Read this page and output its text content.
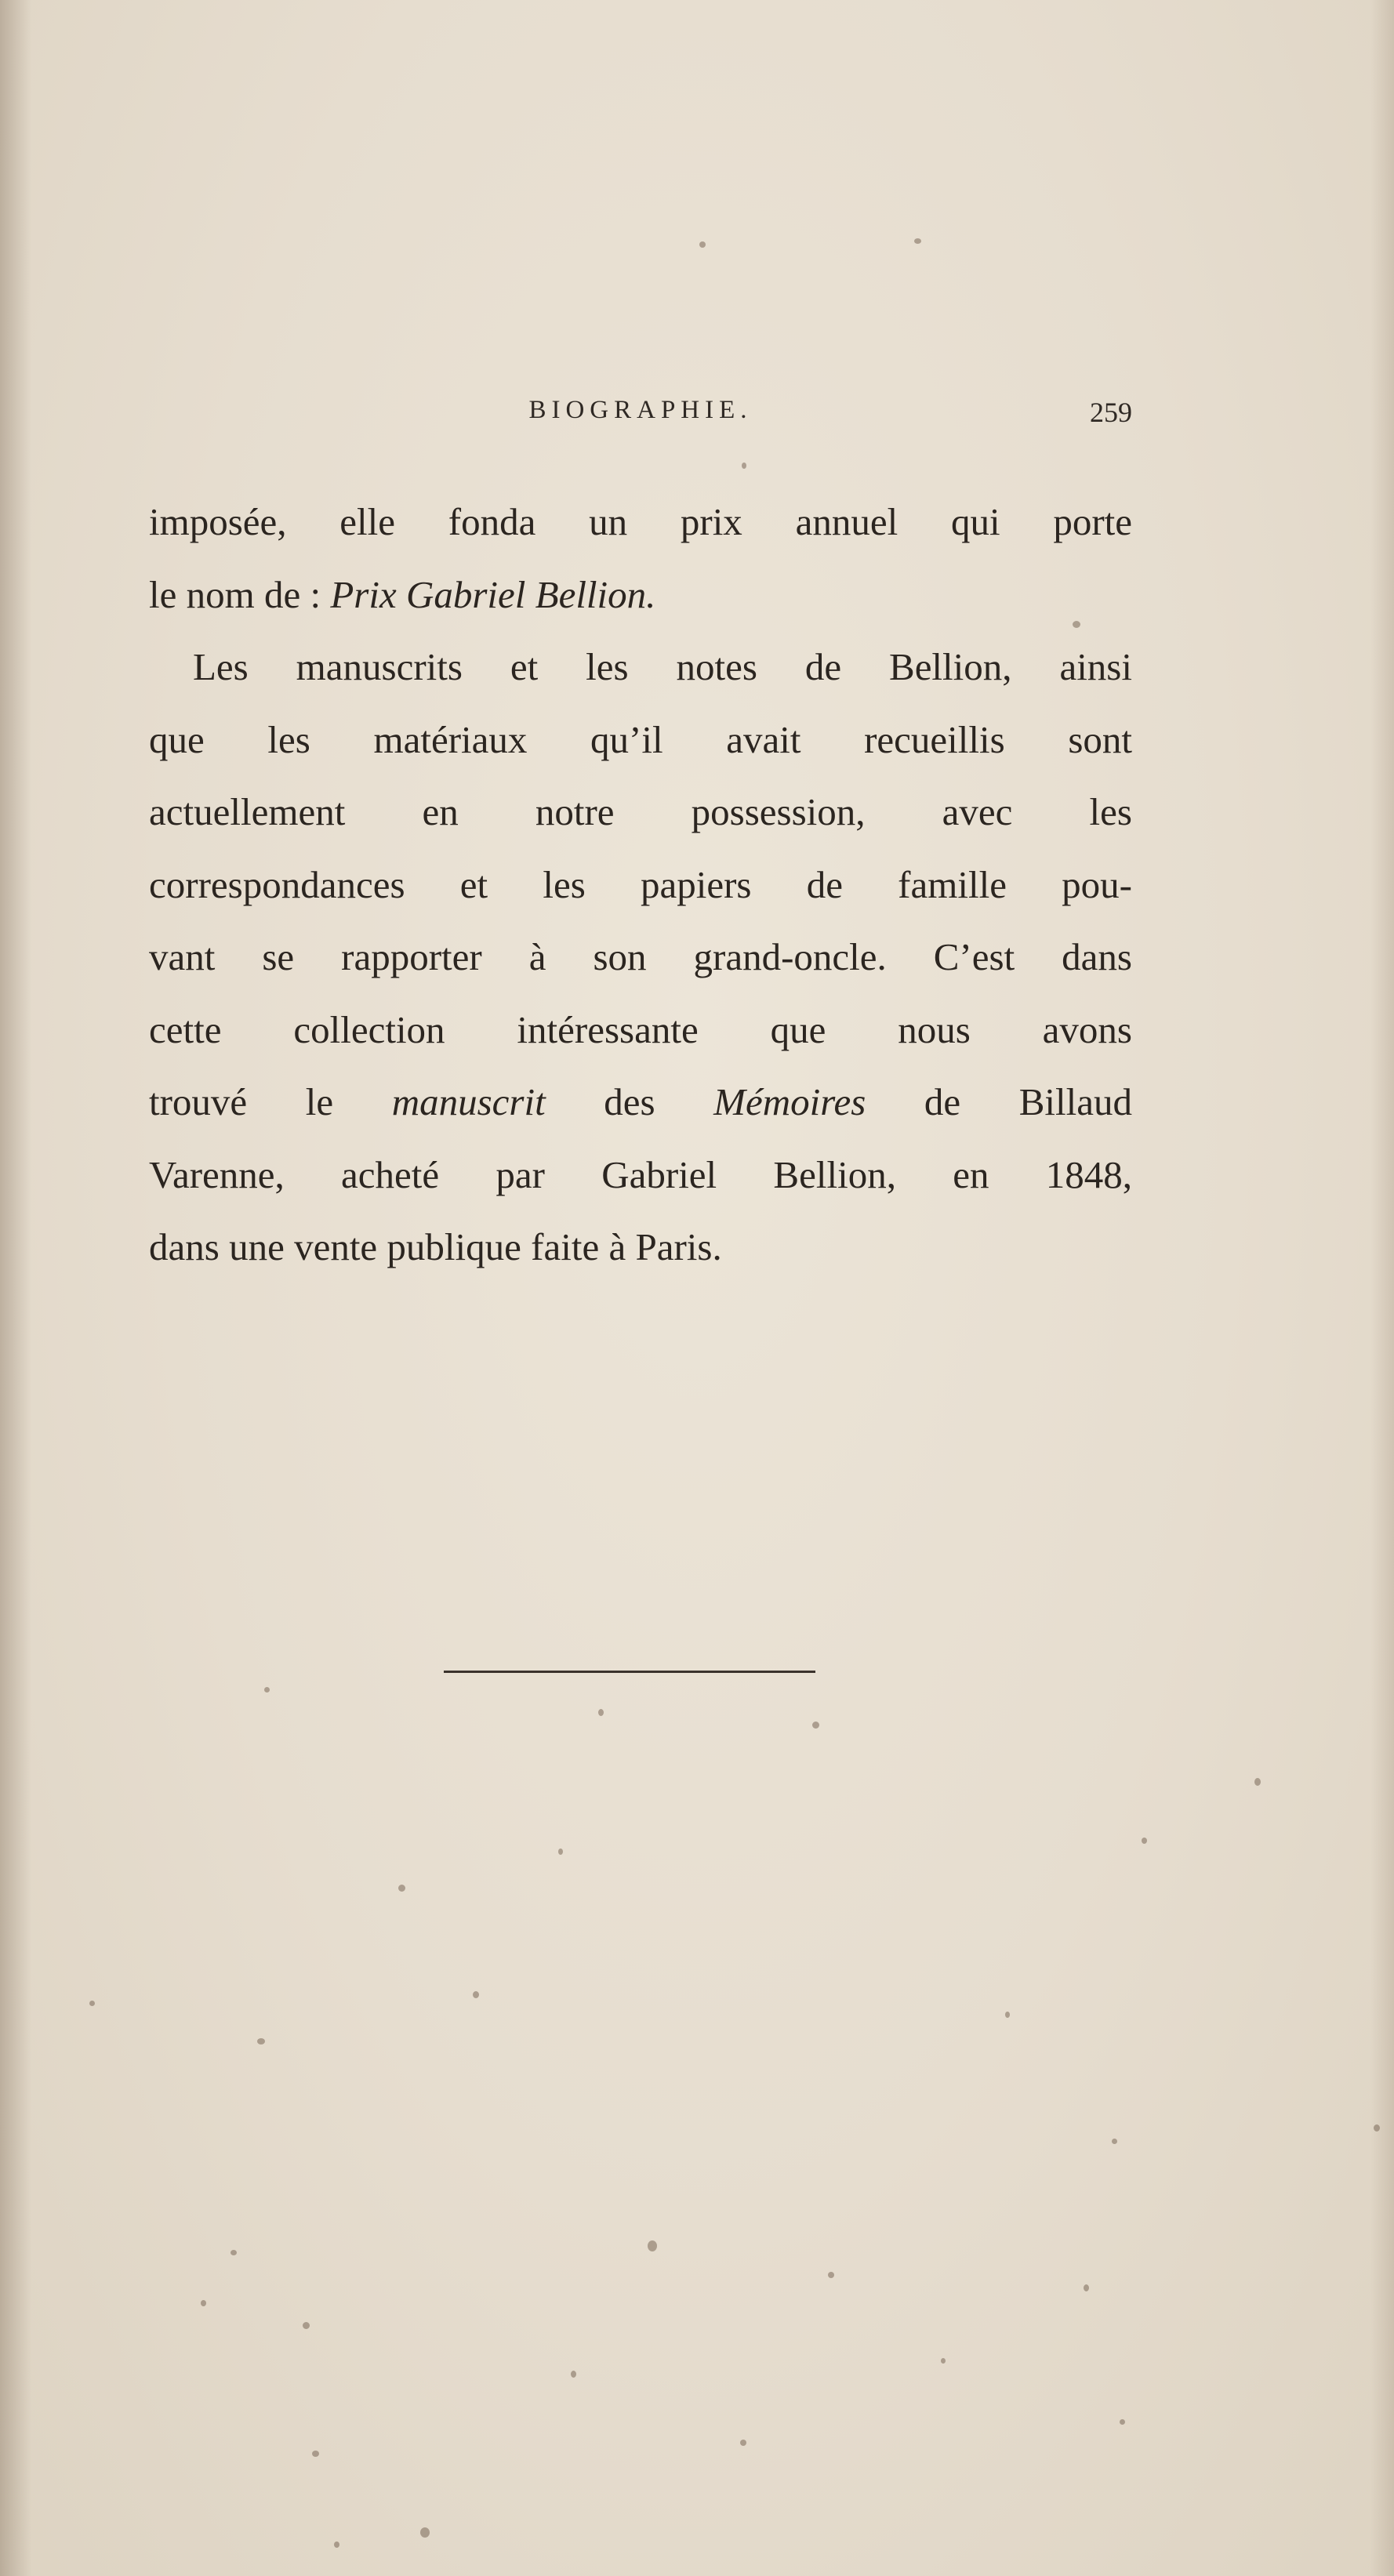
BIOGRAPHIE.	259
imposée, elle fonda un prix annuel qui porte
le nom de : Prix Gabriel Bellion.
Les manuscrits et les notes de Bellion, ainsi
que les matériaux qu’il avait recueillis sont
actuellement en notre possession, avec les
correspondances et les papiers de famille pou-
vant se rapporter à son grand-oncle. C’est dans
cette collection intéressante que nous avons
trouvé le manuscrit des Mémoires de Billaud
Varenne, acheté par Gabriel Bellion, en 1848,
dans une vente publique faite à Paris.
